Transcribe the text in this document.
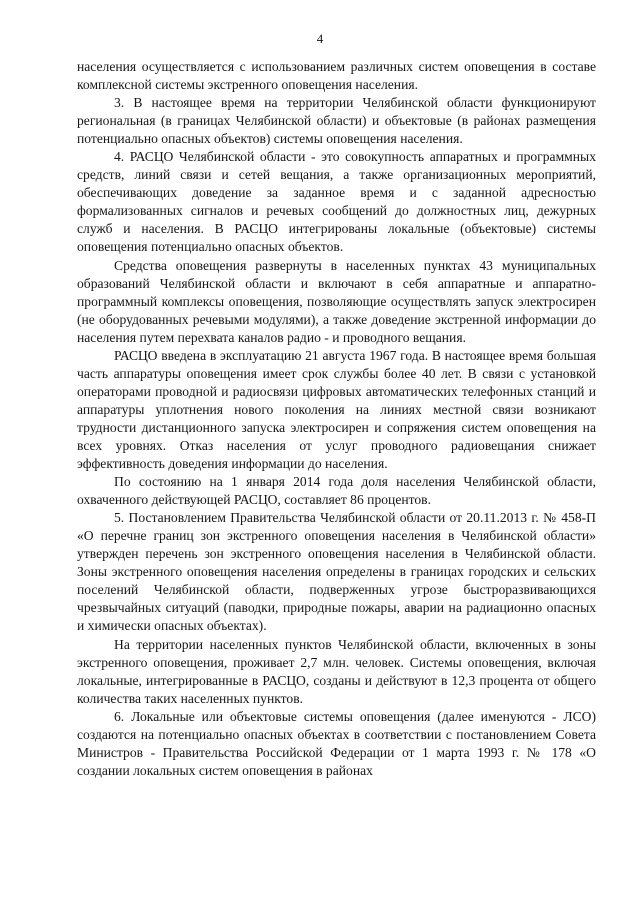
4

населения осуществляется с использованием различных систем оповещения в составе комплексной системы экстренного оповещения населения.

3. В настоящее время на территории Челябинской области функционируют региональная (в границах Челябинской области) и объектовые (в районах размещения потенциально опасных объектов) системы оповещения населения.

4. РАСЦО Челябинской области - это совокупность аппаратных и программных средств, линий связи и сетей вещания, а также организационных мероприятий, обеспечивающих доведение за заданное время и с заданной адресностью формализованных сигналов и речевых сообщений до должностных лиц, дежурных служб и населения. В РАСЦО интегрированы локальные (объектовые) системы оповещения потенциально опасных объектов.

Средства оповещения развернуты в населенных пунктах 43 муниципальных образований Челябинской области и включают в себя аппаратные и аппаратно-программный комплексы оповещения, позволяющие осуществлять запуск электросирен (не оборудованных речевыми модулями), а также доведение экстренной информации до населения путем перехвата каналов радио - и проводного вещания.

РАСЦО введена в эксплуатацию 21 августа 1967 года. В настоящее время большая часть аппаратуры оповещения имеет срок службы более 40 лет. В связи с установкой операторами проводной и радиосвязи цифровых автоматических телефонных станций и аппаратуры уплотнения нового поколения на линиях местной связи возникают трудности дистанционного запуска электросирен и сопряжения систем оповещения на всех уровнях. Отказ населения от услуг проводного радиовещания снижает эффективность доведения информации до населения.

По состоянию на 1 января 2014 года доля населения Челябинской области, охваченного действующей РАСЦО, составляет 86 процентов.

5. Постановлением Правительства Челябинской области от 20.11.2013 г. № 458-П «О перечне границ зон экстренного оповещения населения в Челябинской области» утвержден перечень зон экстренного оповещения населения в Челябинской области. Зоны экстренного оповещения населения определены в границах городских и сельских поселений Челябинской области, подверженных угрозе быстроразвивающихся чрезвычайных ситуаций (паводки, природные пожары, аварии на радиационно опасных и химически опасных объектах).

На территории населенных пунктов Челябинской области, включенных в зоны экстренного оповещения, проживает 2,7 млн. человек. Системы оповещения, включая локальные, интегрированные в РАСЦО, созданы и действуют в 12,3 процента от общего количества таких населенных пунктов.

6. Локальные или объектовые системы оповещения (далее именуются - ЛСО) создаются на потенциально опасных объектах в соответствии с постановлением Совета Министров - Правительства Российской Федерации от 1 марта 1993 г. № 178 «О создании локальных систем оповещения в районах
